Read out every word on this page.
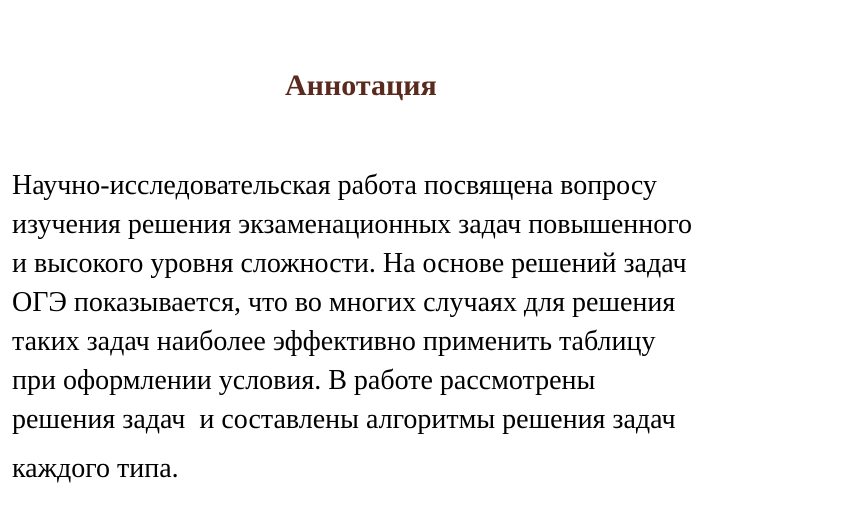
Аннотация
Научно-исследовательская работа посвящена вопросу
изучения решения экзаменационных задач повышенного
и высокого уровня сложности. На основе решений задач
ОГЭ показывается, что во многих случаях для решения
таких задач наиболее эффективно применить таблицу
при оформлении условия. В работе рассмотрены
решения задач  и составлены алгоритмы решения задач
каждого типа.
